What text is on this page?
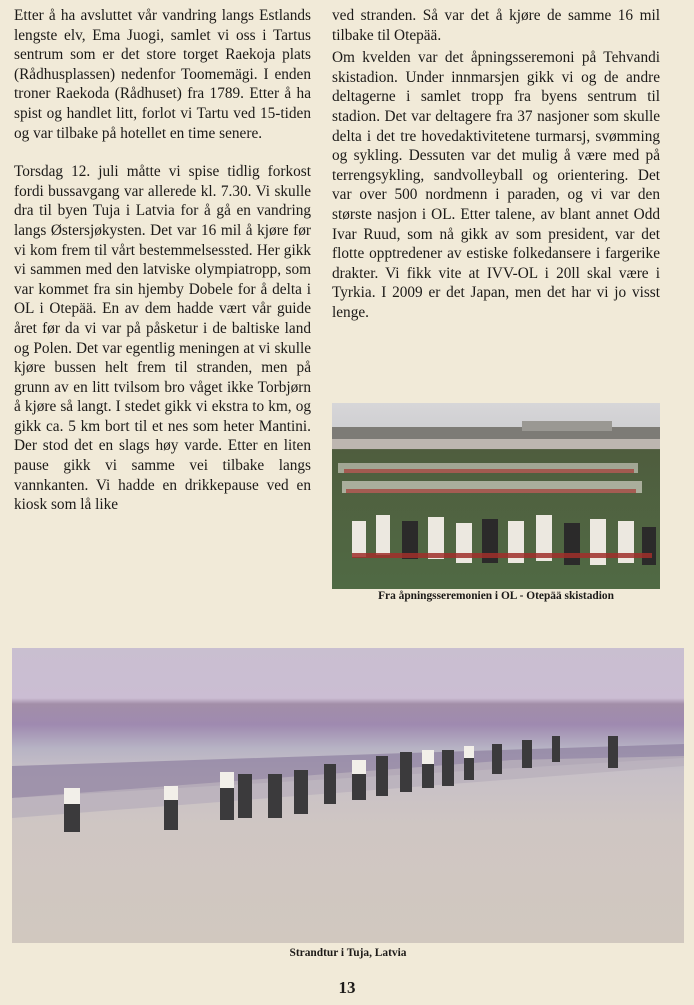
Etter å ha avsluttet vår vandring langs Estlands lengste elv, Ema Juogi, samlet vi oss i Tartus sentrum som er det store torget Raekoja plats (Rådhusplassen) nedenfor Toomemägi. I enden troner Raekoda (Rådhuset) fra 1789. Etter å ha spist og handlet litt, forlot vi Tartu ved 15-tiden og var tilbake på hotellet en time senere.

Torsdag 12. juli måtte vi spise tidlig forkost fordi bussavgang var allerede kl. 7.30. Vi skulle dra til byen Tuja i Latvia for å gå en vandring langs Østersjøkysten. Det var 16 mil å kjøre før vi kom frem til vårt bestemmelsessted. Her gikk vi sammen med den latviske olympiatropp, som var kommet fra sin hjemby Dobele for å delta i OL i Otepää. En av dem hadde vært vår guide året før da vi var på påsketur i de baltiske land og Polen. Det var egentlig meningen at vi skulle kjøre bussen helt frem til stranden, men på grunn av en litt tvilsom bro våget ikke Torbjørn å kjøre så langt. I stedet gikk vi ekstra to km, og gikk ca. 5 km bort til et nes som heter Mantini. Der stod det en slags høy varde. Etter en liten pause gikk vi samme vei tilbake langs vannkanten. Vi hadde en drikkepause ved en kiosk som lå like

ved stranden. Så var det å kjøre de samme 16 mil tilbake til Otepää.

Om kvelden var det åpningsseremoni på Tehvandi skistadion. Under innmarsjen gikk vi og de andre deltagerne i samlet tropp fra byens sentrum til stadion. Det var deltagere fra 37 nasjoner som skulle delta i det tre hovedaktivitetene turmarsj, svømming og sykling. Dessuten var det mulig å være med på terrengsykling, sandvolleyball og orientering. Det var over 500 nordmenn i paraden, og vi var den største nasjon i OL. Etter talene, av blant annet Odd Ivar Ruud, som nå gikk av som president, var det flotte opptredener av estiske folkedansere i fargerike drakter. Vi fikk vite at IVV-OL i 20ll skal være i Tyrkia. I 2009 er det Japan, men det har vi jo visst lenge.

Fra åpningsseremonien i OL - Otepää skistadion
Strandtur i Tuja, Latvia
13
